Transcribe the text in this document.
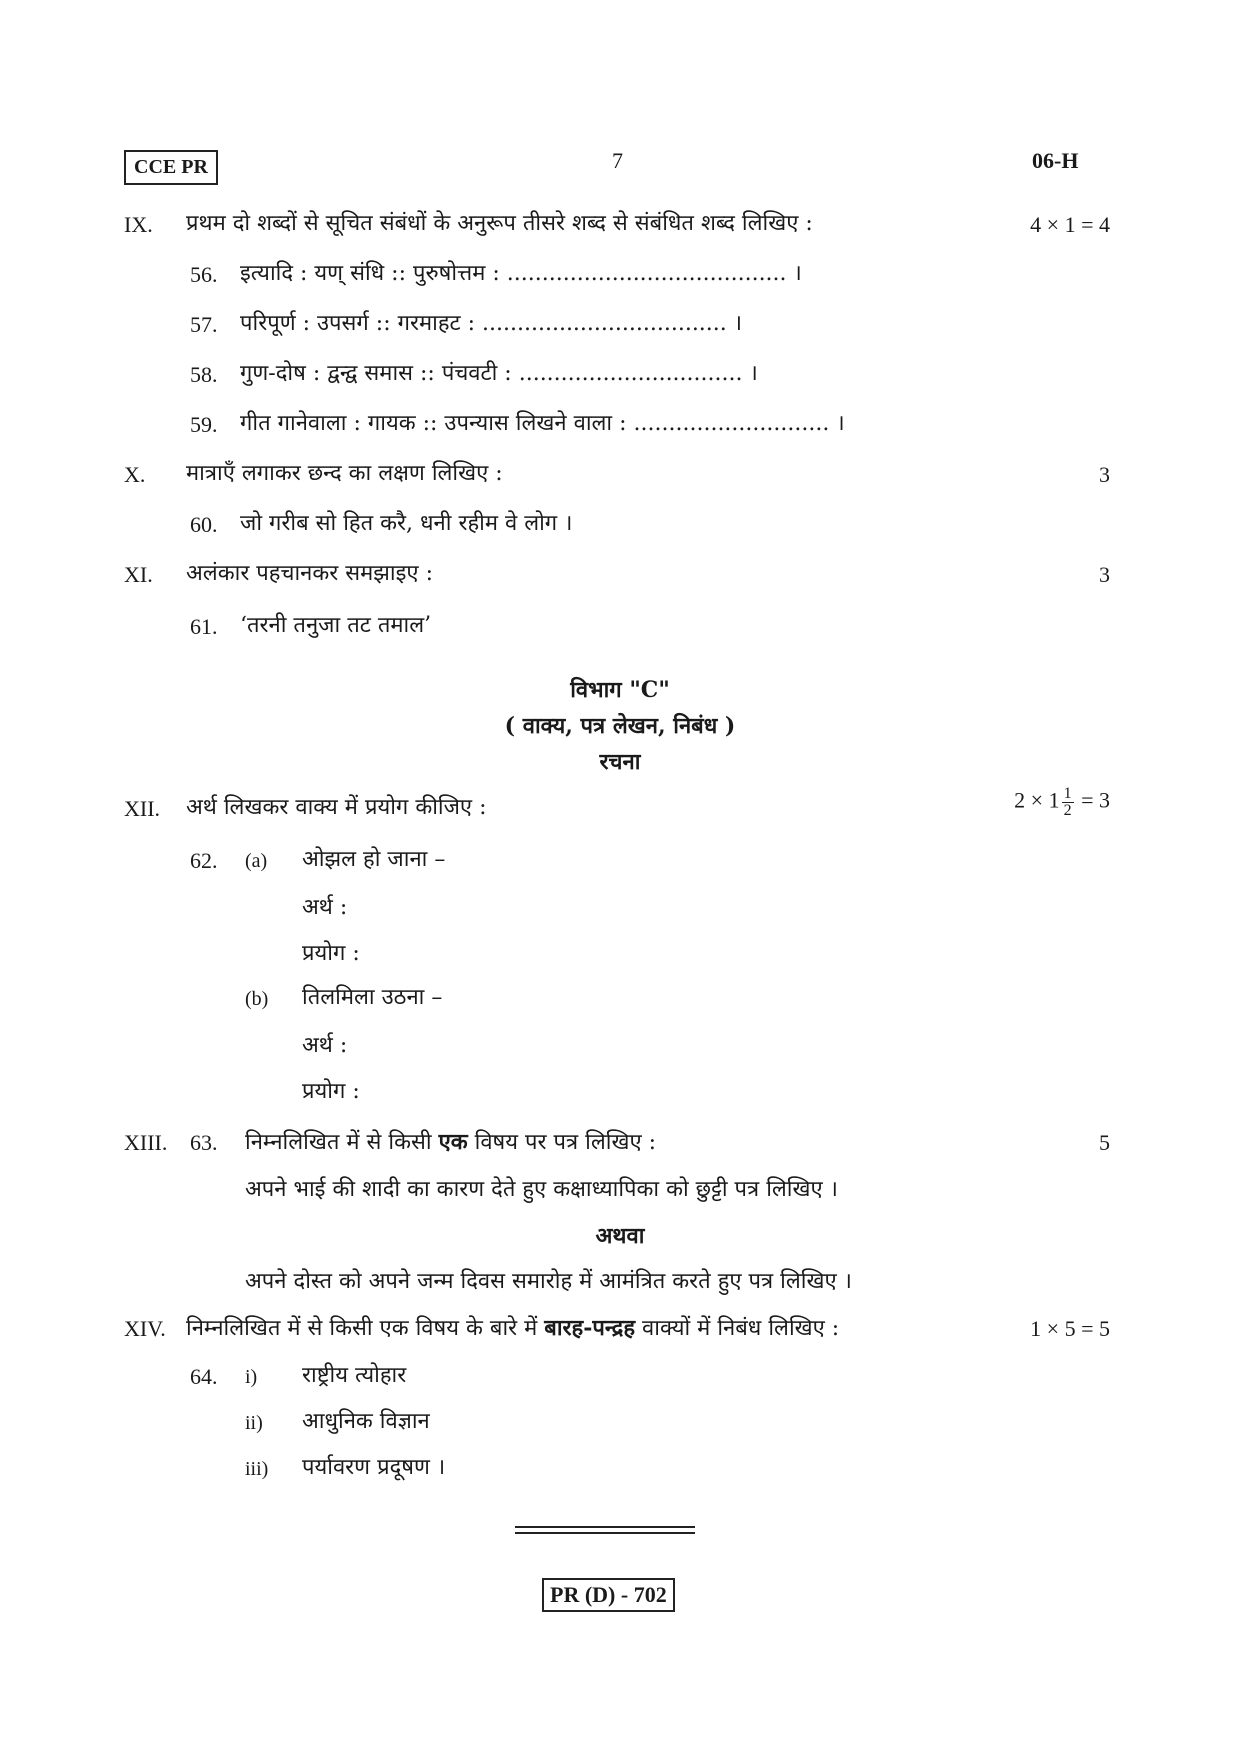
CCE PR	7	06-H
IX. प्रथम दो शब्दों से सूचित संबंधों के अनुरूप तीसरे शब्द से संबंधित शब्द लिखिए :	4 × 1 = 4
56. इत्यादि : यण् संधि :: पुरुषोत्तम : ........................................ ।
57. परिपूर्ण : उपसर्ग :: गरमाहट : ................................... ।
58. गुण-दोष : द्वन्द्व समास :: पंचवटी : ................................ ।
59. गीत गानेवाला : गायक :: उपन्यास लिखने वाला : ............................ ।
X. मात्राएँ लगाकर छन्द का लक्षण लिखिए :	3
60. जो गरीब सो हित करै, धनी रहीम वे लोग ।
XI. अलंकार पहचानकर समझाइए :	3
61. ‘तरनी तनुजा तट तमाल’
विभाग "C"
( वाक्य, पत्र लेखन, निबंध )
रचना
XII. अर्थ लिखकर वाक्य में प्रयोग कीजिए :	$2 \times 1 \frac{1}{2} = 3$
62. (a) ओझल हो जाना –
अर्थ :
प्रयोग :
(b) तिलमिला उठना –
अर्थ :
प्रयोग :
XIII. 63. निम्नलिखित में से किसी एक विषय पर पत्र लिखिए :	5
अपने भाई की शादी का कारण देते हुए कक्षाध्यापिका को छुट्टी पत्र लिखिए ।
अथवा
अपने दोस्त को अपने जन्म दिवस समारोह में आमंत्रित करते हुए पत्र लिखिए ।
XIV. निम्नलिखित में से किसी एक विषय के बारे में बारह-पन्द्रह वाक्यों में निबंध लिखिए :	1 × 5 = 5
64. i) राष्ट्रीय त्योहार
ii) आधुनिक विज्ञान
iii) पर्यावरण प्रदूषण ।
PR (D) - 702
